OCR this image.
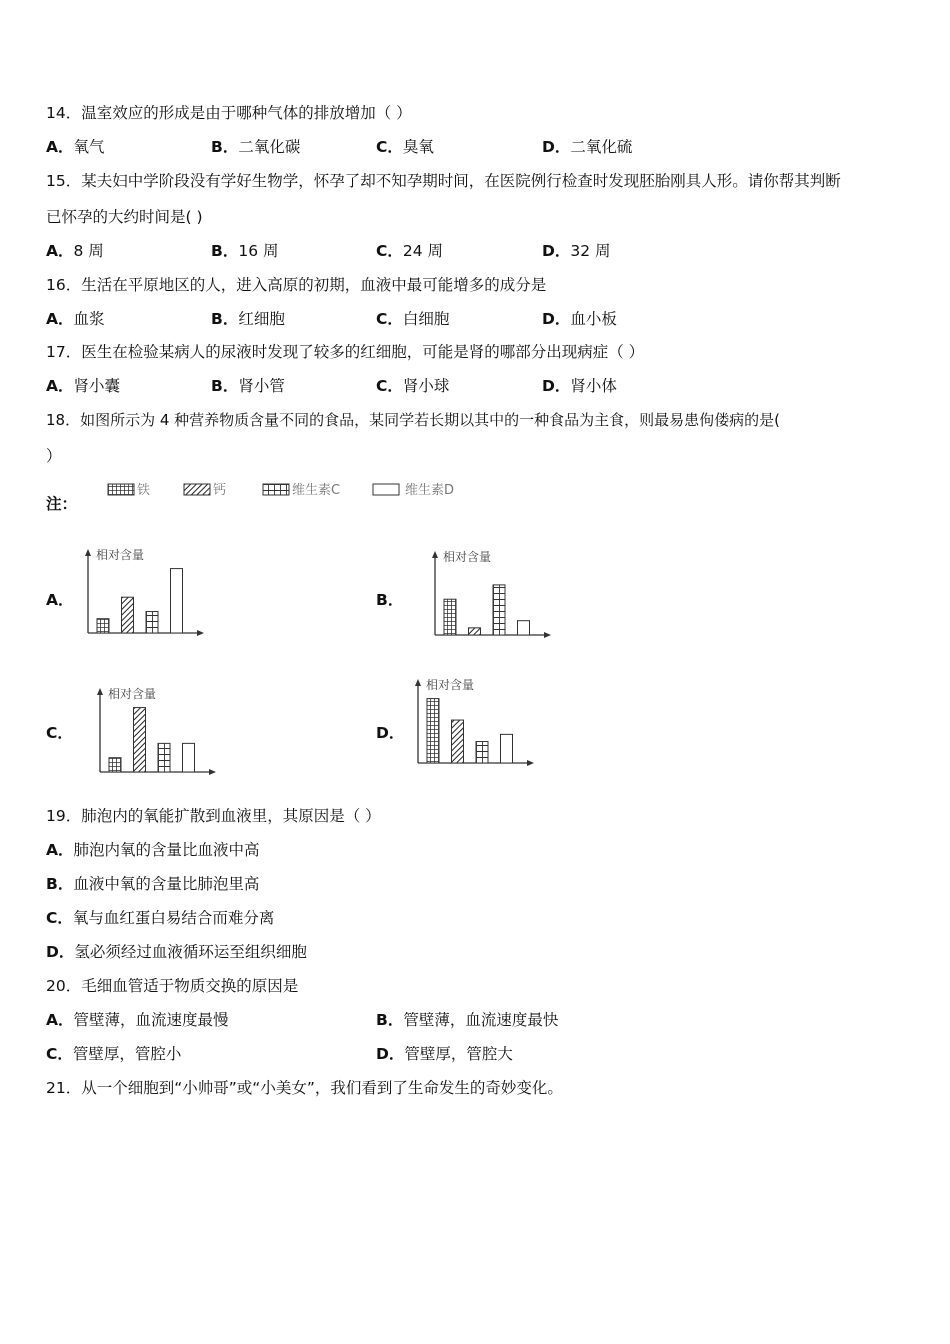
14．温室效应的形成是由于哪种气体的排放增加（ ）
A．氧气	B．二氧化碳	C．臭氧	D．二氧化硫
15．某夫妇中学阶段没有学好生物学，怀孕了却不知孕期时间，在医院例行检查时发现胚胎刚具人形。请你帮其判断
已怀孕的大约时间是( )
A．8 周	B．16 周	C．24 周	D．32 周
16．生活在平原地区的人，进入高原的初期，血液中最可能增多的成分是
A．血浆	B．红细胞	C．白细胞	D．血小板
17．医生在检验某病人的尿液时发现了较多的红细胞，可能是肾的哪部分出现病症（ ）
A．肾小囊	B．肾小管	C．肾小球	D．肾小体
18．如图所示为 4 种营养物质含量不同的食品，某同学若长期以其中的一种食品为主食，则最易患佝偻病的是(
）
注：
铁	钙	维生素C	维生素D
A．	B．
C．	D．
相对含量	相对含量
相对含量
相对含量
19．肺泡内的氧能扩散到血液里，其原因是（ ）
A．肺泡内氧的含量比血液中高
B．血液中氧的含量比肺泡里高
C．氧与血红蛋白易结合而难分离
D．氢必须经过血液循环运至组织细胞
20．毛细血管适于物质交换的原因是
A．管壁薄，血流速度最慢	B．管壁薄，血流速度最快
C．管壁厚，管腔小	D．管壁厚，管腔大
21．从一个细胞到“小帅哥”或“小美女”，我们看到了生命发生的奇妙变化。
